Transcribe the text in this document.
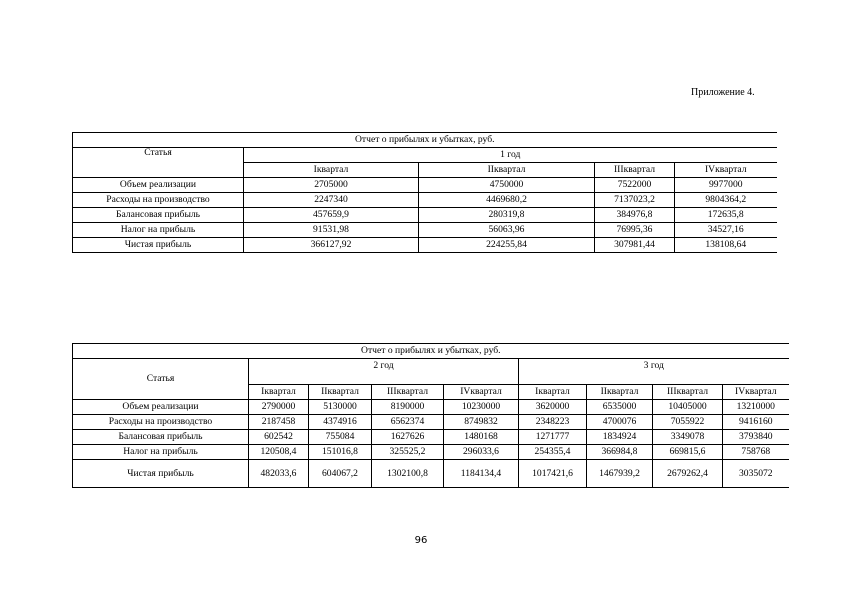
Приложение 4.
Отчет о прибылях и убытках, руб.				
Статья	1 год			
	Iквартал	IIквартал	IIIквартал	IVквартал
Объем реализации	2705000	4750000	7522000	9977000
Расходы на производство	2247340	4469680,2	7137023,2	9804364,2
Балансовая прибыль	457659,9	280319,8	384976,8	172635,8
Налог на прибыль	91531,98	56063,96	76995,36	34527,16
Чистая прибыль	366127,92	224255,84	307981,44	138108,64
Отчет о прибылях и убытках, руб.								
Статья	2 год				3 год			
	Iквартал	IIквартал	IIIквартал	IVквартал	Iквартал	IIквартал	IIIквартал	IVквартал
Объем реализации	2790000	5130000	8190000	10230000	3620000	6535000	10405000	13210000
Расходы на производство	2187458	4374916	6562374	8749832	2348223	4700076	7055922	9416160
Балансовая прибыль	602542	755084	1627626	1480168	1271777	1834924	3349078	3793840
Налог на прибыль	120508,4	151016,8	325525,2	296033,6	254355,4	366984,8	669815,6	758768
Чистая прибыль	482033,6	604067,2	1302100,8	1184134,4	1017421,6	1467939,2	2679262,4	3035072
96
